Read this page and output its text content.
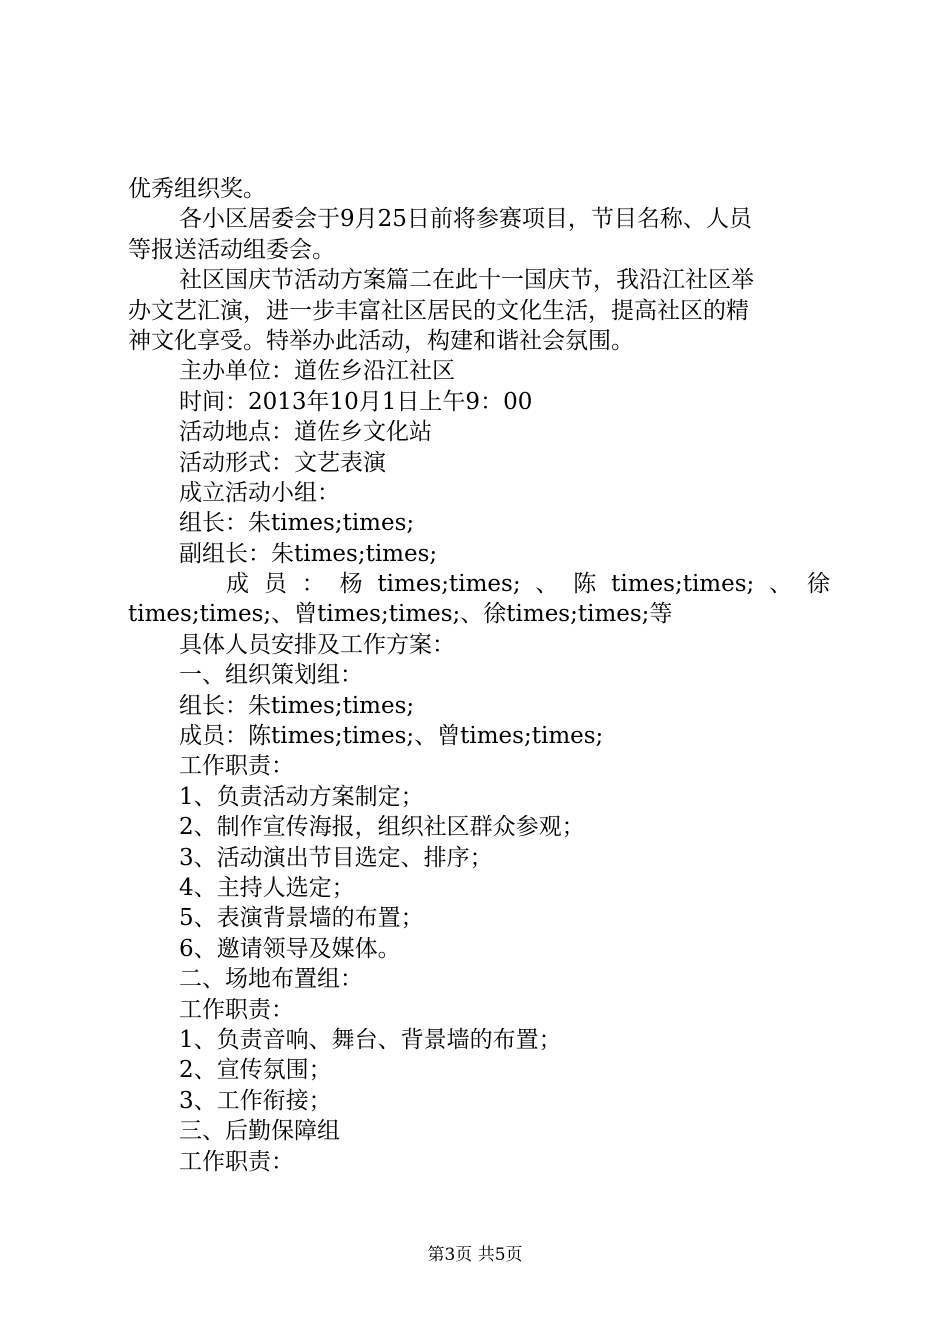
优秀组织奖。
各小区居委会于9月25日前将参赛项目，节目名称、人员
等报送活动组委会。
社区国庆节活动方案篇二在此十一国庆节，我沿江社区举
办文艺汇演，进一步丰富社区居民的文化生活，提高社区的精
神文化享受。特举办此活动，构建和谐社会氛围。
主办单位：道佐乡沿江社区
时间：2013年10月1日上午9：00
活动地点：道佐乡文化站
活动形式：文艺表演
成立活动小组：
组长：朱times;times;
副组长：朱times;times;
成员：杨times;times;、陈times;times;、徐
times;times;、曾times;times;、徐times;times;等
具体人员安排及工作方案：
一、组织策划组：
组长：朱times;times;
成员：陈times;times;、曾times;times;
工作职责：
1、负责活动方案制定；
2、制作宣传海报，组织社区群众参观；
3、活动演出节目选定、排序；
4、主持人选定；
5、表演背景墙的布置；
6、邀请领导及媒体。
二、场地布置组：
工作职责：
1、负责音响、舞台、背景墙的布置；
2、宣传氛围；
3、工作衔接；
三、后勤保障组
工作职责：
第3页 共5页
